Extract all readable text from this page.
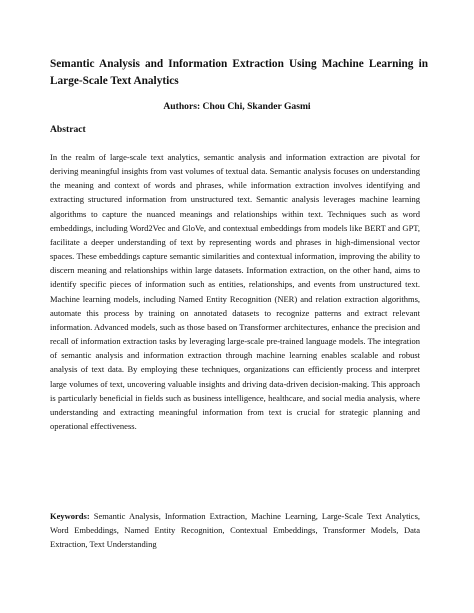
Semantic Analysis and Information Extraction Using Machine Learning in Large-Scale Text Analytics
Authors: Chou Chi, Skander Gasmi
Abstract

In the realm of large-scale text analytics, semantic analysis and information extraction are pivotal for deriving meaningful insights from vast volumes of textual data. Semantic analysis focuses on understanding the meaning and context of words and phrases, while information extraction involves identifying and extracting structured information from unstructured text. Semantic analysis leverages machine learning algorithms to capture the nuanced meanings and relationships within text. Techniques such as word embeddings, including Word2Vec and GloVe, and contextual embeddings from models like BERT and GPT, facilitate a deeper understanding of text by representing words and phrases in high-dimensional vector spaces. These embeddings capture semantic similarities and contextual information, improving the ability to discern meaning and relationships within large datasets. Information extraction, on the other hand, aims to identify specific pieces of information such as entities, relationships, and events from unstructured text. Machine learning models, including Named Entity Recognition (NER) and relation extraction algorithms, automate this process by training on annotated datasets to recognize patterns and extract relevant information. Advanced models, such as those based on Transformer architectures, enhance the precision and recall of information extraction tasks by leveraging large-scale pre-trained language models. The integration of semantic analysis and information extraction through machine learning enables scalable and robust analysis of text data. By employing these techniques, organizations can efficiently process and interpret large volumes of text, uncovering valuable insights and driving data-driven decision-making. This approach is particularly beneficial in fields such as business intelligence, healthcare, and social media analysis, where understanding and extracting meaningful information from text is crucial for strategic planning and operational effectiveness.

Keywords: Semantic Analysis, Information Extraction, Machine Learning, Large-Scale Text Analytics, Word Embeddings, Named Entity Recognition, Contextual Embeddings, Transformer Models, Data Extraction, Text Understanding
